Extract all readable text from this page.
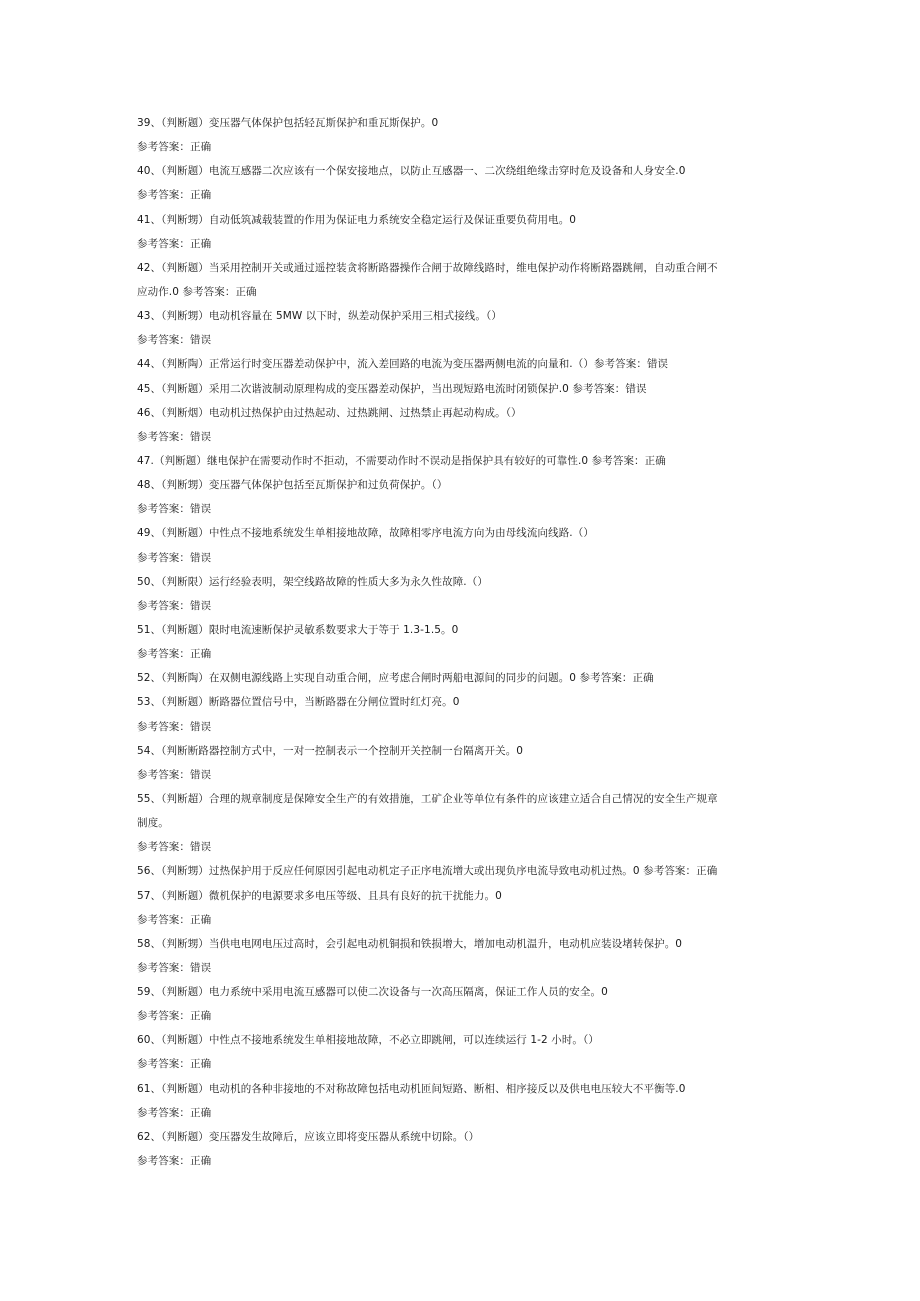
39、（判断题）变压器气体保护包括轻瓦斯保护和重瓦斯保护。0
参考答案：正确
40、（判断题）电流互感器二次应该有一个保安接地点，以防止互感器一、二次绕组绝缘击穿时危及设备和人身安全.0
参考答案：正确
41、（判断甥）自动低筑减载装置的作用为保证电力系统安全稳定运行及保证重要负荷用电。0
参考答案：正确
42、（判断题）当采用控制开关或通过遥控装贪将断路器操作合闸于故障线路时，维电保护动作将断路器跳闸，自动重合闸不
应动作.0 参考答案：正确
43、（判断甥）电动机容量在 5MW 以下时，纵差动保护采用三相式接线。（）
参考答案：错误
44、（判断陶）正常运行时变压器差动保护中，流入差回路的电流为变压器两侧电流的向量和.（）参考答案：错误
45、（判断题）采用二次谐波制动原理构成的变压器差动保护，当出现短路电流时闭锁保护.0 参考答案：错误
46、（判断烟）电动机过热保护由过热起动、过热跳闸、过热禁止再起动构成。（）
参考答案：错误
47.（判断题）继电保护在需要动作时不拒动，不需要动作时不误动是指保护具有较好的可靠性.0 参考答案：正确
48、（判断甥）变压器气体保护包括至瓦斯保护和过负荷保护。（）
参考答案：错误
49、（判断题）中性点不接地系统发生单相接地故障，故障相零序电流方向为由母线流向线路.（）
参考答案：错误
50、（判断限）运行经验表明，架空线路故障的性质大多为永久性故障.（）
参考答案：错误
51、（判断题）限时电流速断保护灵敏系数要求大于等于 1.3-1.5。0
参考答案：正确
52、（判断陶）在双侧电源线路上实现自动重合闸，应考虑合闸时两船电源间的同步的问题。0 参考答案：正确
53、（判断题）断路器位置信号中，当断路器在分闸位置时红灯亮。0
参考答案：错误
54、（判断断路器控制方式中，一对一控制表示一个控制开关控制一台隔离开关。0
参考答案：错误
55、（判断超）合理的规章制度是保障安全生产的有效措施，工矿企业等单位有条件的应该建立适合自己情况的安全生产规章
制度。
参考答案：错误
56、（判断甥）过热保护用于反应任何原因引起电动机定子正序电流增大或出现负序电流导致电动机过热。0 参考答案：正确
57、（判断题）微机保护的电源要求多电压等级、且具有良好的抗干扰能力。0
参考答案：正确
58、（判断甥）当供电电网电压过高时，会引起电动机铜损和铁损增大，增加电动机温升，电动机应装设堵转保护。0
参考答案：错误
59、（判断题）电力系统中采用电流互感器可以使二次设备与一次高压隔离，保证工作人员的安全。0
参考答案：正确
60、（判断题）中性点不接地系统发生单相接地故障，不必立即跳闸，可以连续运行 1-2 小时。（）
参考答案：正确
61、（判断题）电动机的各种非接地的不对称故障包括电动机匝间短路、断相、相序接反以及供电电压较大不平衡等.0
参考答案：正确
62、（判断题）变压器发生故障后，应该立即将变压器从系统中切除。（）
参考答案：正确
